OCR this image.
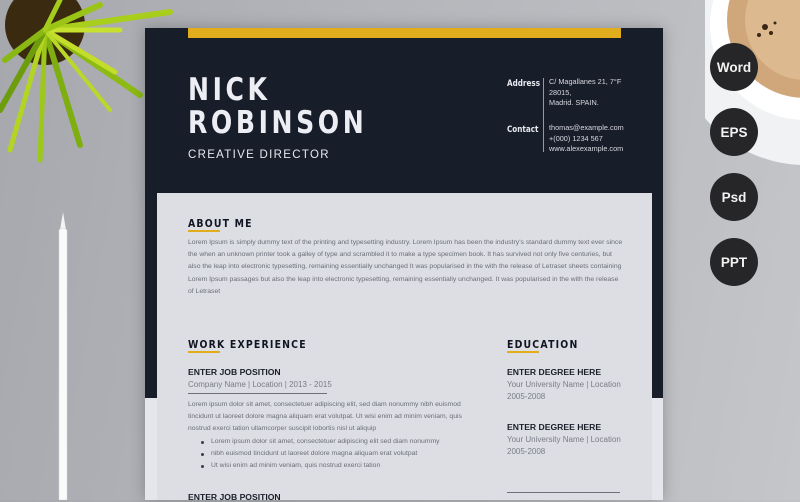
NICK
ROBINSON
CREATIVE DIRECTOR
Address
Contact
C/ Magallanes 21, 7°F
28015,
Madrid. SPAIN.
thomas@example.com
+(000) 1234 567
www.alexexample.com
ABOUT ME
Lorem Ipsum is simply dummy text of the printing and typesetting industry. Lorem Ipsum has been the industry's standard dummy text ever since the when an unknown printer took a galley of type and scrambled it to make a type specimen book. It has survived not only five centuries, but also the leap into electronic typesetting, remaining essentially unchanged It was popularised in the with the release of Letraset sheets containing Lorem Ipsum passages but also the leap into electronic typesetting, remaining essentially unchanged. It was popularised in the with the release of Letraset
WORK EXPERIENCE
ENTER JOB POSITION
Company Name | Location | 2013 - 2015
Lorem ipsum dolor sit amet, consectetuer adipiscing elit, sed diam nonummy nibh euismod tincidunt ut laoreet dolore magna aliquam erat volutpat. Ut wisi enim ad minim veniam, quis nostrud exerci tation ullamcorper suscipit lobortis nisl ut aliquip
Lorem ipsum dolor sit amet, consectetuer adipiscing elit sed diam nonummy
nibh euismod tincidunt ut laoreet dolore magna aliquam erat volutpat
Ut wisi enim ad minim veniam, quis nostrud exerci tation
ENTER JOB POSITION
EDUCATION
ENTER DEGREE HERE
Your University Name | Location
2005-2008
ENTER DEGREE HERE
Your University Name | Location
2005-2008
Word
EPS
Psd
PPT
